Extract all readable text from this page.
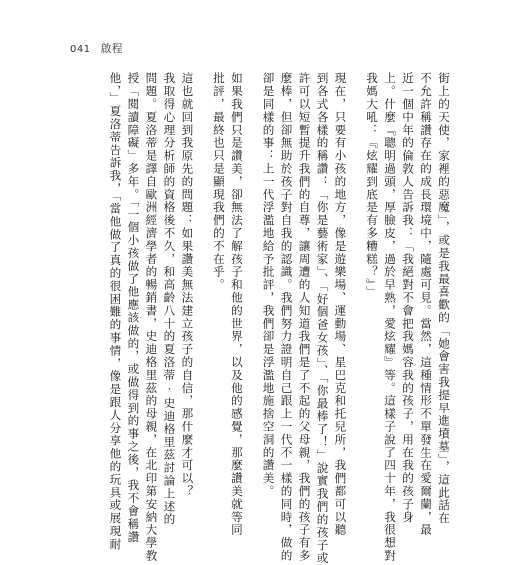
041 啟程
街上的天使，家裡的惡魔」，或是我最喜歡的「她會害我提早進墳墓」，這此話在
不允許稱讚存在的成長環境中，隨處可見。當然，這種情形不單發生在愛爾蘭，最
近一個中年的倫敦人告訴我：「我絕對不會把我媽容我的孩子，用在我的孩子身
上。什麼『聰明過頭，厚臉皮，過於早熟，愛炫耀』等。這樣子說了四十年，我很想對
我媽大吼：『炫耀到底是有多糟糕？』」
現在，只要有小孩的地方，像是遊樂場、運動場、星巴克和托兒所，我們都可以聽
到各式各樣的稱讚：「你是藝術家」、「好個爸女孩」、「你最棒了！」說實我們的孩子或
許可以短暫提升我們的自尊，讓周遭的人知道我們是了不起的父母親，我們的孩子有多
麼棒，但卻無助於孩子對自我的認識。我們努力證明自己跟上一代不一樣的同時，做的
卻是同樣的事：上一代浮濫地給予批評，我們卻是浮濫地施捨空洞的讚美。
如果我們只是讚美，卻無法了解孩子和他的世界，以及他的感覺，那麼讚美就等同
批評，最終也只是顯現我們的不在乎。
這也就回到我原先的問題：如果讚美無法建立孩子的自信，那什麼才可以？
我取得心理分析師的資格後不久，和高齡八十的夏洛蒂·史迪格里茲討論上述的
問題。夏洛蒂是譯自歐洲經濟學者的暢銷書，史迪格里茲的母親，在北印第安納大學教
授「閱讀障礙」多年。「一個小孩做了他應該做的，或做得到的事之後，我不會稱讚
他，」夏洛蒂告訴我，「當他做了真的很困難的事情，像是跟人分享他的玩具或展現耐
